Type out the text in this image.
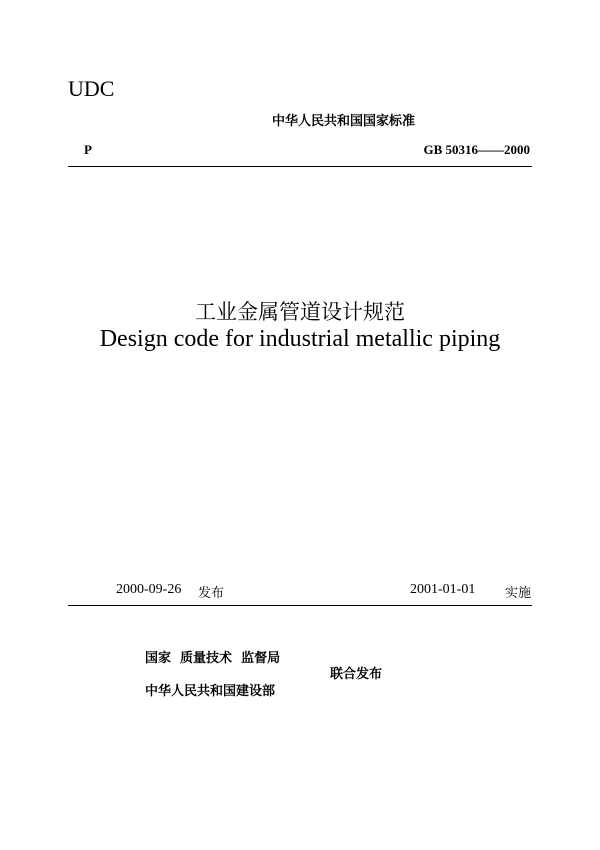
UDC
中华人民共和国国家标准
P	GB 50316——2000
工业金属管道设计规范
Design code for industrial metallic piping
2000-09-26 发布	2001-01-01 实施
国家  质量技术  监督局
中华人民共和国建设部
联合发布
